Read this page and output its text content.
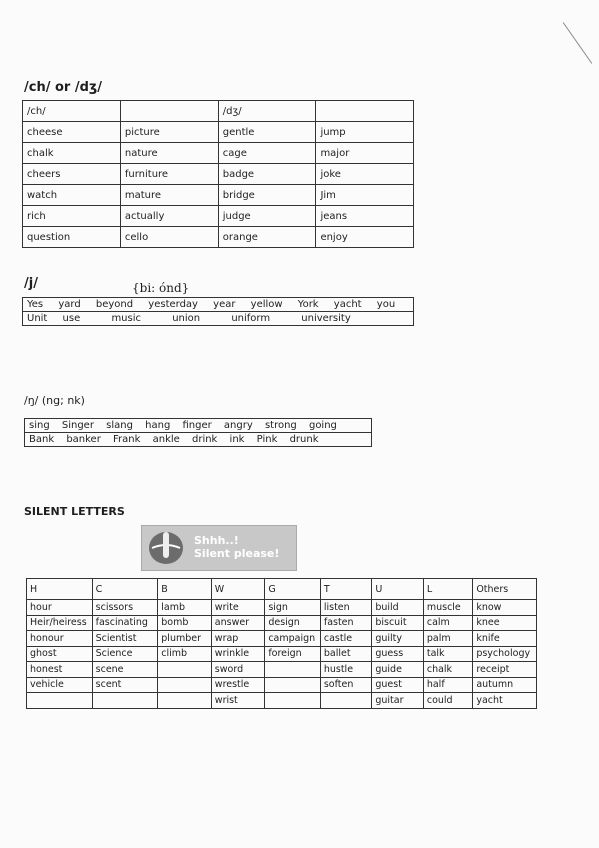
/ch/ or /dʒ/
/ch/		/dʒ/	
cheese	picture	gentle	jump
chalk	nature	cage	major
cheers	furniture	badge	joke
watch	mature	bridge	Jim
rich	actually	judge	jeans
question	cello	orange	enjoy
/j/	{bi: ónd}
Yes yard beyond yesterday year yellow York yacht you
Unit use	music	union	uniform	university
/ŋ/ (ng; nk)
sing Singer slang hang finger angry strong going
Bank banker Frank ankle drink ink Pink drunk
SILENT LETTERS
Shhh..!
Silent please!
H	C	B	W	G	T	U	L	Others
hour	scissors	lamb	write	sign	listen	build	muscle	know
Heir/heiress	fascinating	bomb	answer	design	fasten	biscuit	calm	knee
honour	Scientist	plumber	wrap	campaign	castle	guilty	palm	knife
ghost	Science	climb	wrinkle	foreign	ballet	guess	talk	psychology
honest	scene		sword		hustle	guide	chalk	receipt
vehicle	scent		wrestle		soften	guest	half	autumn
			wrist			guitar	could	yacht
